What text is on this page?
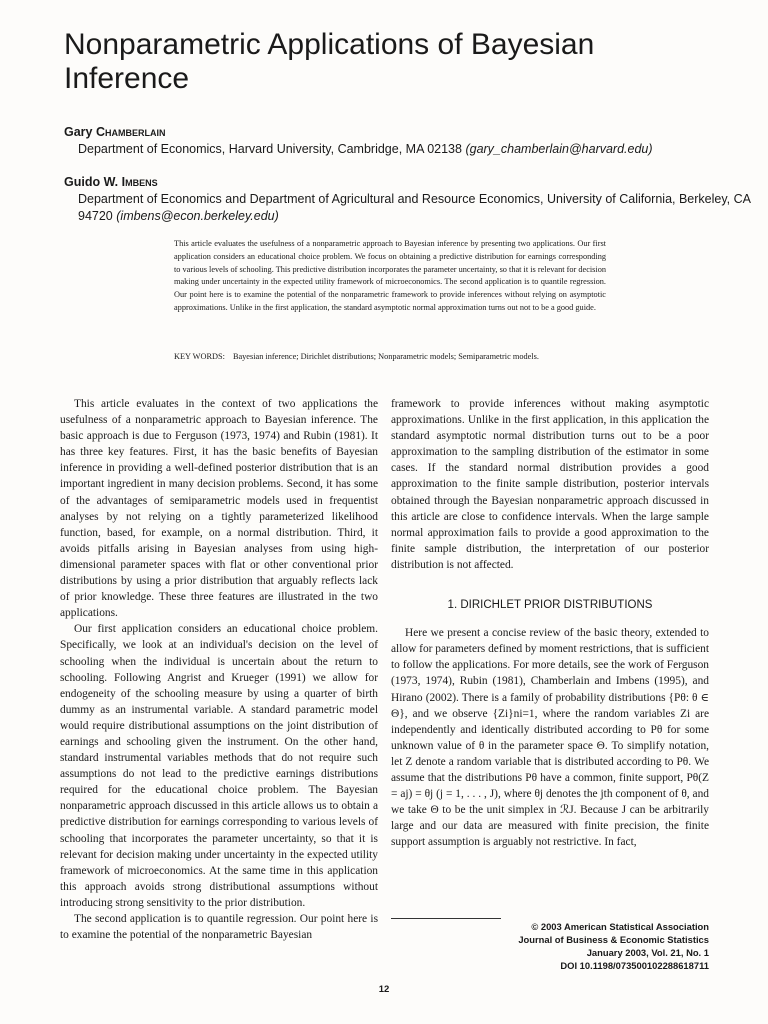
Nonparametric Applications of Bayesian Inference
Gary Chamberlain
Department of Economics, Harvard University, Cambridge, MA 02138 (gary_chamberlain@harvard.edu)
Guido W. Imbens
Department of Economics and Department of Agricultural and Resource Economics, University of California, Berkeley, CA 94720 (imbens@econ.berkeley.edu)
This article evaluates the usefulness of a nonparametric approach to Bayesian inference by presenting two applications. Our first application considers an educational choice problem. We focus on obtaining a predictive distribution for earnings corresponding to various levels of schooling. This predictive distribution incorporates the parameter uncertainty, so that it is relevant for decision making under uncertainty in the expected utility framework of microeconomics. The second application is to quantile regression. Our point here is to examine the potential of the nonparametric framework to provide inferences without relying on asymptotic approximations. Unlike in the first application, the standard asymptotic normal approximation turns out not to be a good guide.
KEY WORDS: Bayesian inference; Dirichlet distributions; Nonparametric models; Semiparametric models.

This article evaluates in the context of two applications the usefulness of a nonparametric approach to Bayesian inference. The basic approach is due to Ferguson (1973, 1974) and Rubin (1981). It has three key features. First, it has the basic benefits of Bayesian inference in providing a well-defined posterior distribution that is an important ingredient in many decision problems. Second, it has some of the advantages of semiparametric models used in frequentist analyses by not relying on a tightly parameterized likelihood function, based, for example, on a normal distribution. Third, it avoids pitfalls arising in Bayesian analyses from using high-dimensional parameter spaces with flat or other conventional prior distributions by using a prior distribution that arguably reflects lack of prior knowledge. These three features are illustrated in the two applications.

Our first application considers an educational choice problem. Specifically, we look at an individual's decision on the level of schooling when the individual is uncertain about the return to schooling. Following Angrist and Krueger (1991) we allow for endogeneity of the schooling measure by using a quarter of birth dummy as an instrumental variable. A standard parametric model would require distributional assumptions on the joint distribution of earnings and schooling given the instrument. On the other hand, standard instrumental variables methods that do not require such assumptions do not lead to the predictive earnings distributions required for the educational choice problem. The Bayesian nonparametric approach discussed in this article allows us to obtain a predictive distribution for earnings corresponding to various levels of schooling that incorporates the parameter uncertainty, so that it is relevant for decision making under uncertainty in the expected utility framework of microeconomics. At the same time in this application this approach avoids strong distributional assumptions without introducing strong sensitivity to the prior distribution.

The second application is to quantile regression. Our point here is to examine the potential of the nonparametric Bayesian

framework to provide inferences without making asymptotic approximations. Unlike in the first application, in this application the standard asymptotic normal distribution turns out to be a poor approximation to the sampling distribution of the estimator in some cases. If the standard normal distribution provides a good approximation to the finite sample distribution, posterior intervals obtained through the Bayesian nonparametric approach discussed in this article are close to confidence intervals. When the large sample normal approximation fails to provide a good approximation to the finite sample distribution, the interpretation of our posterior distribution is not affected.

1. DIRICHLET PRIOR DISTRIBUTIONS

Here we present a concise review of the basic theory, extended to allow for parameters defined by moment restrictions, that is sufficient to follow the applications. For more details, see the work of Ferguson (1973, 1974), Rubin (1981), Chamberlain and Imbens (1995), and Hirano (2002). There is a family of probability distributions {Pθ: θ ∈ Θ}, and we observe {Zi}ni=1, where the random variables Zi are independently and identically distributed according to Pθ for some unknown value of θ in the parameter space Θ. To simplify notation, let Z denote a random variable that is distributed according to Pθ. We assume that the distributions Pθ have a common, finite support, Pθ(Z = aj) = θj (j = 1, . . . , J), where θj denotes the jth component of θ, and we take Θ to be the unit simplex in ℛJ. Because J can be arbitrarily large and our data are measured with finite precision, the finite support assumption is arguably not restrictive. In fact,

© 2003 American Statistical Association
Journal of Business & Economic Statistics
January 2003, Vol. 21, No. 1
DOI 10.1198/073500102288618711
12
